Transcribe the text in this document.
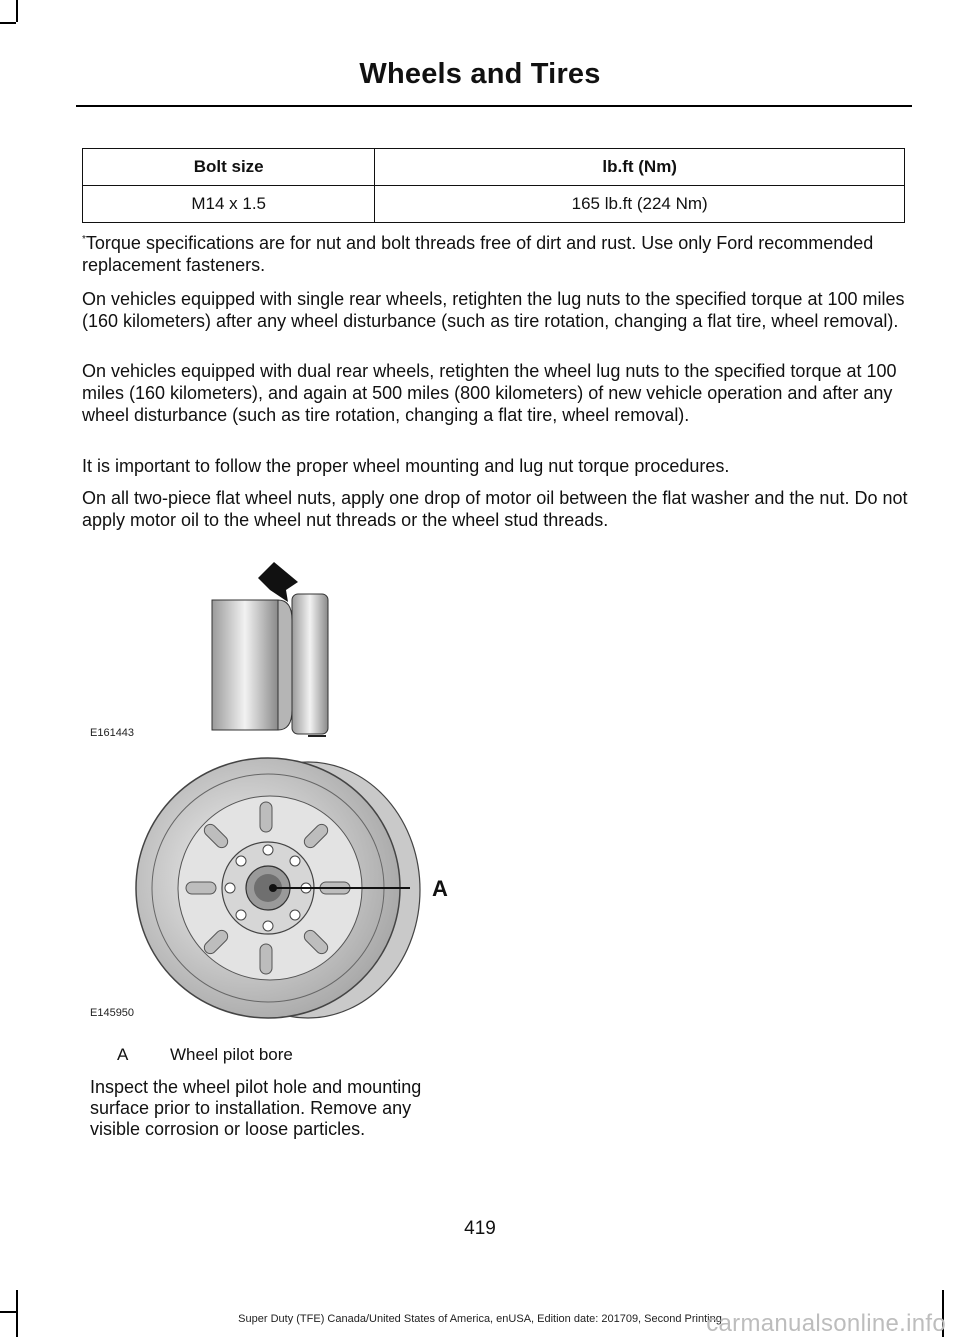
Wheels and Tires
Bolt size	lb.ft (Nm)
M14 x 1.5	165 lb.ft (224 Nm)

*Torque specifications are for nut and bolt threads free of dirt and rust. Use only Ford recommended replacement fasteners.

On vehicles equipped with single rear wheels, retighten the lug nuts to the specified torque at 100 miles (160 kilometers) after any wheel disturbance (such as tire rotation, changing a flat tire, wheel removal).

On vehicles equipped with dual rear wheels, retighten the wheel lug nuts to the specified torque at 100 miles (160 kilometers), and again at 500 miles (800 kilometers) of new vehicle operation and after any wheel disturbance (such as tire rotation, changing a flat tire, wheel removal).

It is important to follow the proper wheel mounting and lug nut torque procedures.

On all two-piece flat wheel nuts, apply one drop of motor oil between the flat washer and the nut. Do not apply motor oil to the wheel nut threads or the wheel stud threads.

E161443
A
E145950
A Wheel pilot bore

Inspect the wheel pilot hole and mounting surface prior to installation. Remove any visible corrosion or loose particles.

419
Super Duty (TFE) Canada/United States of America, enUSA, Edition date: 201709, Second Printing
carmanualsonline.info
